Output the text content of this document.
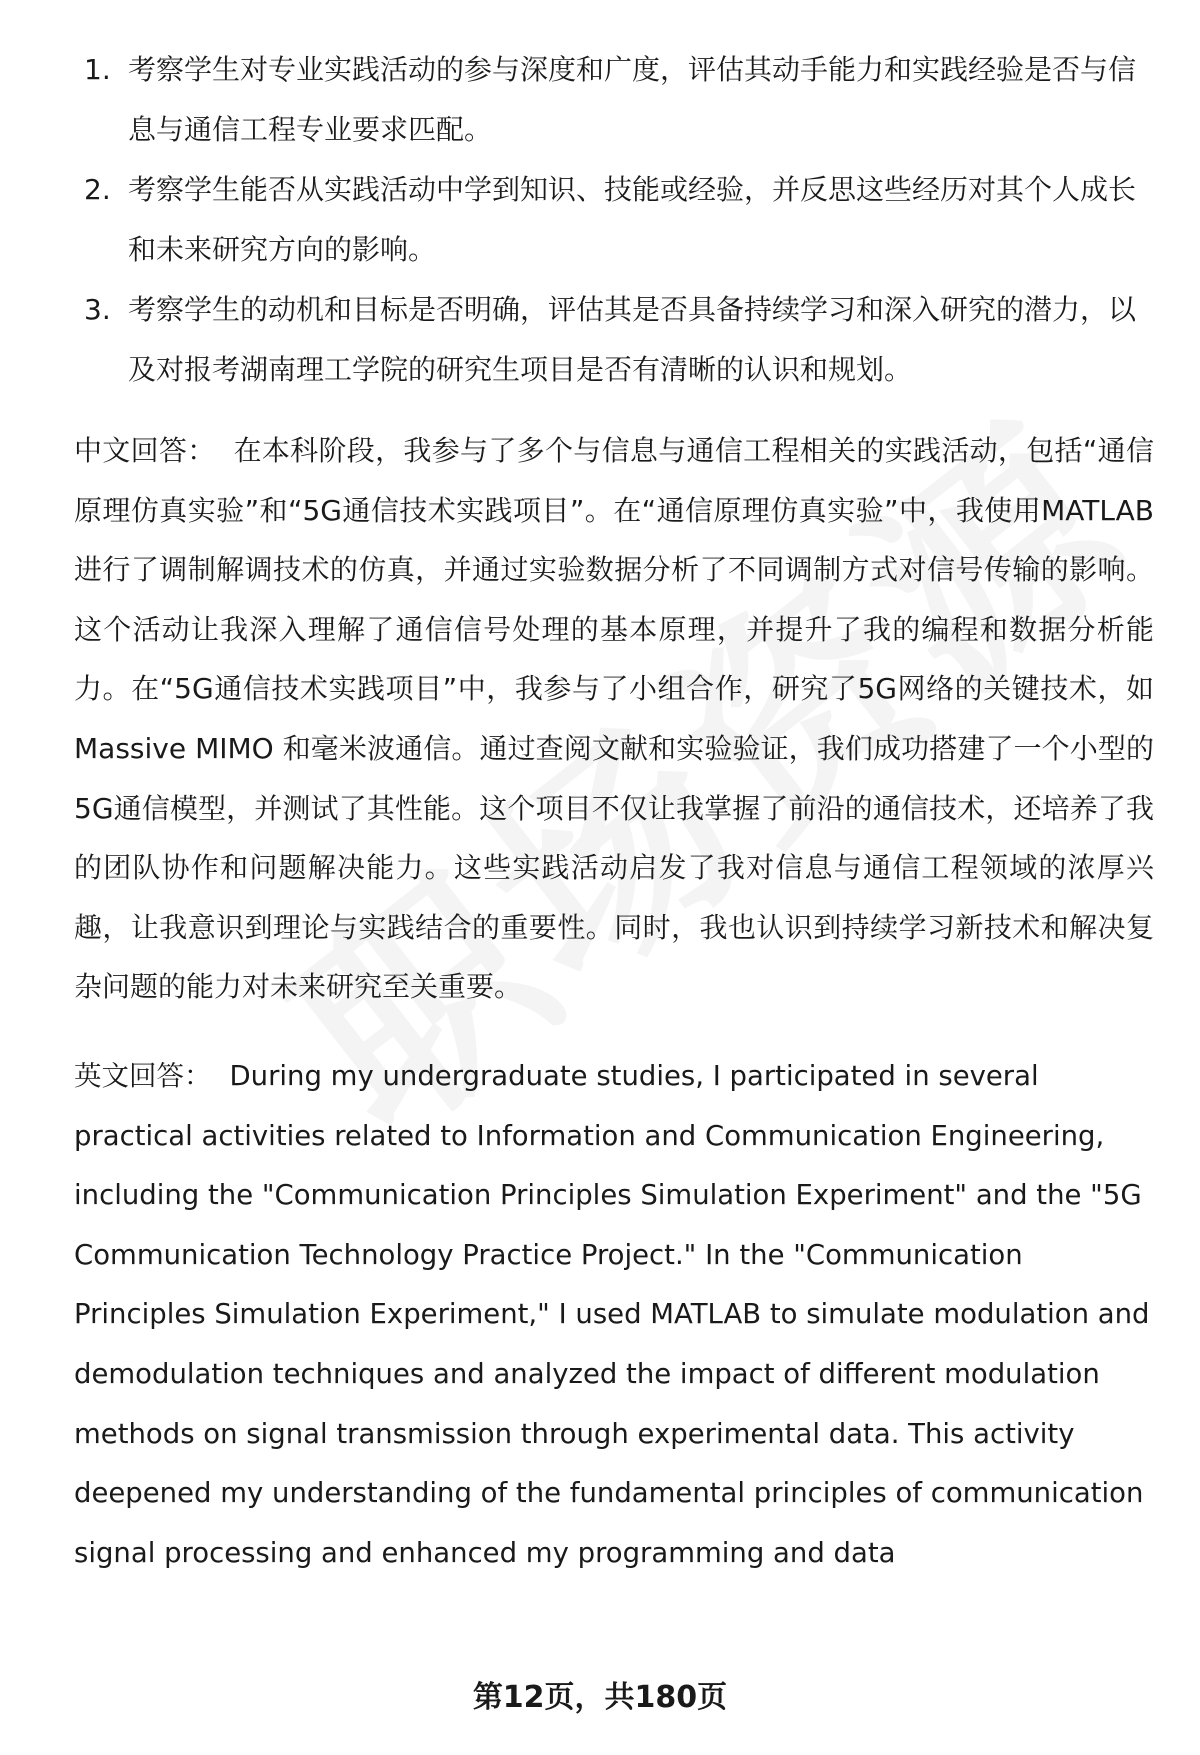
1. 考察学生对专业实践活动的参与深度和广度，评估其动手能力和实践经验是否与信息与通信工程专业要求匹配。
2. 考察学生能否从实践活动中学到知识、技能或经验，并反思这些经历对其个人成长和未来研究方向的影响。
3. 考察学生的动机和目标是否明确，评估其是否具备持续学习和深入研究的潜力，以及对报考湖南理工学院的研究生项目是否有清晰的认识和规划。

中文回答： 在本科阶段，我参与了多个与信息与通信工程相关的实践活动，包括“通信原理仿真实验”和“5G通信技术实践项目”。在“通信原理仿真实验”中，我使用MATLAB进行了调制解调技术的仿真，并通过实验数据分析了不同调制方式对信号传输的影响。这个活动让我深入理解了通信信号处理的基本原理，并提升了我的编程和数据分析能力。在“5G通信技术实践项目”中，我参与了小组合作，研究了5G网络的关键技术，如 Massive MIMO 和毫米波通信。通过查阅文献和实验验证，我们成功搭建了一个小型的5G通信模型，并测试了其性能。这个项目不仅让我掌握了前沿的通信技术，还培养了我的团队协作和问题解决能力。这些实践活动启发了我对信息与通信工程领域的浓厚兴趣，让我意识到理论与实践结合的重要性。同时，我也认识到持续学习新技术和解决复杂问题的能力对未来研究至关重要。

英文回答： During my undergraduate studies, I participated in several practical activities related to Information and Communication Engineering, including the "Communication Principles Simulation Experiment" and the "5G Communication Technology Practice Project." In the "Communication Principles Simulation Experiment," I used MATLAB to simulate modulation and demodulation techniques and analyzed the impact of different modulation methods on signal transmission through experimental data. This activity deepened my understanding of the fundamental principles of communication signal processing and enhanced my programming and data

第12页，共180页
